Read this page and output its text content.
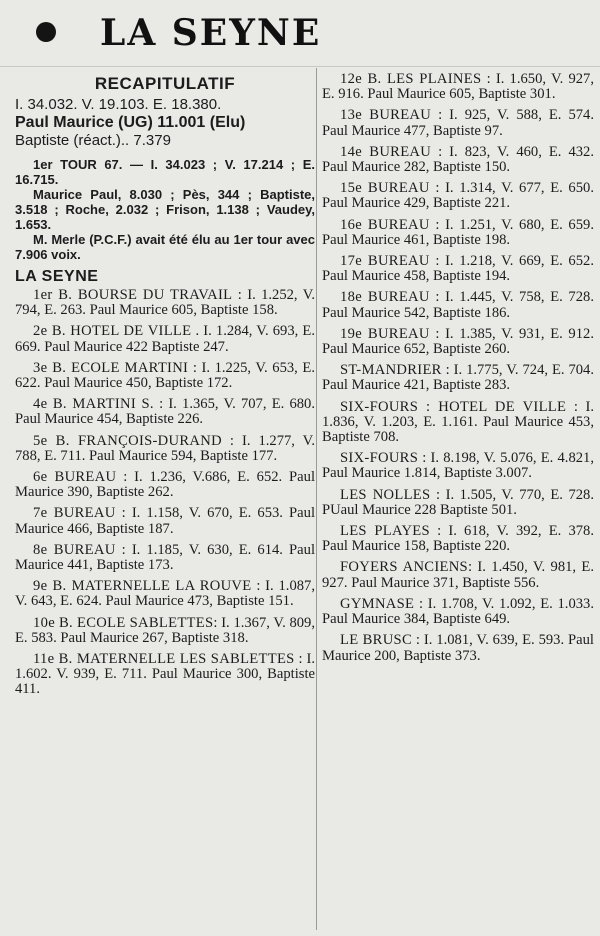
LA SEYNE
RECAPITULATIF
I. 34.032. V. 19.103. E. 18.380.
Paul Maurice (UG) 11.001 (Elu)
Baptiste (réact.).. 7.379

1er TOUR 67. — I. 34.023 ; V. 17.214 ; E. 16.715.

Maurice Paul, 8.030 ; Pès, 344 ; Baptiste, 3.518 ; Roche, 2.032 ; Frison, 1.138 ; Vaudey, 1.653.

M. Merle (P.C.F.) avait été élu au 1er tour avec 7.906 voix.

LA SEYNE

1er B. BOURSE DU TRAVAIL : I. 1.252, V. 794, E. 263. Paul Maurice 605, Baptiste 158.

2e B. HOTEL DE VILLE . I. 1.284, V. 693, E. 669. Paul Maurice 422 Baptiste 247.

3e B. ECOLE MARTINI : I. 1.225, V. 653, E. 622. Paul Maurice 450, Baptiste 172.

4e B. MARTINI S. : I. 1.365, V. 707, E. 680. Paul Maurice 454, Baptiste 226.

5e B. FRANÇOIS-DURAND : I. 1.277, V. 788, E. 711. Paul Maurice 594, Baptiste 177.

6e BUREAU : I. 1.236, V.686, E. 652. Paul Maurice 390, Baptiste 262.

7e BUREAU : I. 1.158, V. 670, E. 653. Paul Maurice 466, Baptiste 187.

8e BUREAU : I. 1.185, V. 630, E. 614. Paul Maurice 441, Baptiste 173.

9e B. MATERNELLE LA ROUVE : I. 1.087, V. 643, E. 624. Paul Maurice 473, Baptiste 151.

10e B. ECOLE SABLETTES: I. 1.367, V. 809, E. 583. Paul Maurice 267, Baptiste 318.

11e B. MATERNELLE LES SABLETTES : I. 1.602. V. 939, E. 711. Paul Maurice 300, Baptiste 411.

12e B. LES PLAINES : I. 1.650, V. 927, E. 916. Paul Maurice 605, Baptiste 301.

13e BUREAU : I. 925, V. 588, E. 574. Paul Maurice 477, Baptiste 97.

14e BUREAU : I. 823, V. 460, E. 432. Paul Maurice 282, Baptiste 150.

15e BUREAU : I. 1.314, V. 677, E. 650. Paul Maurice 429, Baptiste 221.

16e BUREAU : I. 1.251, V. 680, E. 659. Paul Maurice 461, Baptiste 198.

17e BUREAU : I. 1.218, V. 669, E. 652. Paul Maurice 458, Baptiste 194.

18e BUREAU : I. 1.445, V. 758, E. 728. Paul Maurice 542, Baptiste 186.

19e BUREAU : I. 1.385, V. 931, E. 912. Paul Maurice 652, Baptiste 260.

ST-MANDRIER : I. 1.775, V. 724, E. 704. Paul Maurice 421, Baptiste 283.

SIX-FOURS : HOTEL DE VILLE : I. 1.836, V. 1.203, E. 1.161. Paul Maurice 453, Baptiste 708.

SIX-FOURS : I. 8.198, V. 5.076, E. 4.821, Paul Maurice 1.814, Baptiste 3.007.

LES NOLLES : I. 1.505, V. 770, E. 728. PUaul Maurice 228 Baptiste 501.

LES PLAYES : I. 618, V. 392, E. 378. Paul Maurice 158, Baptiste 220.

FOYERS ANCIENS: I. 1.450, V. 981, E. 927. Paul Maurice 371, Baptiste 556.

GYMNASE : I. 1.708, V. 1.092, E. 1.033. Paul Maurice 384, Baptiste 649.

LE BRUSC : I. 1.081, V. 639, E. 593. Paul Maurice 200, Baptiste 373.
